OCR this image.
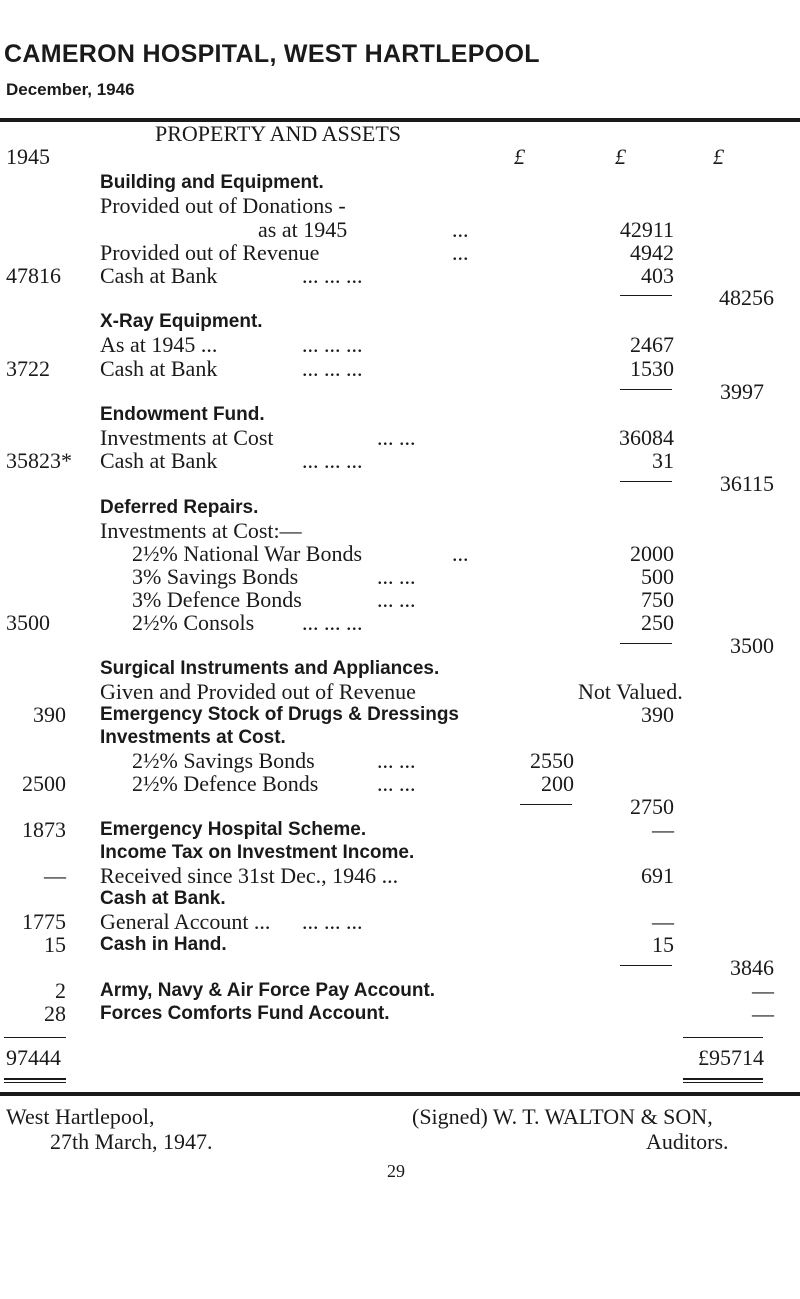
CAMERON HOSPITAL, WEST HARTLEPOOL
December, 1946
PROPERTY AND ASSETS
1945	£	£	£
Building and Equipment.
Provided out of Donations -
as at 1945	...	42911
Provided out of Revenue	...	4942
47816 Cash at Bank	... ... ...	403
48256
X-Ray Equipment.
As at 1945 ...	... ... ...	2467
3722 Cash at Bank	... ... ...	1530
3997
Endowment Fund.
Investments at Cost	... ...	36084
35823* Cash at Bank	... ... ...	31
36115
Deferred Repairs.
Investments at Cost:—
2½% National War Bonds	...	2000
3% Savings Bonds	... ...	500
3% Defence Bonds	... ...	750
3500	2½% Consols ... ... ...	250
3500
Surgical Instruments and Appliances.
Given and Provided out of Revenue	Not Valued.
390 Emergency Stock of Drugs & Dressings	390
Investments at Cost.
2½% Savings Bonds	... ...	2550
2500	2½% Defence Bonds	... ...	200
2750
1873 Emergency Hospital Scheme.	—
Income Tax on Investment Income.
— Received since 31st Dec., 1946 ...	691
Cash at Bank.
1775 General Account ... ... ... ...	—
15 Cash in Hand.	15
3846
2 Army, Navy & Air Force Pay Account.	—
28 Forces Comforts Fund Account.	—
97444	£95714
West Hartlepool,
27th March, 1947.
(Signed) W. T. WALTON & SON,
Auditors.
29
